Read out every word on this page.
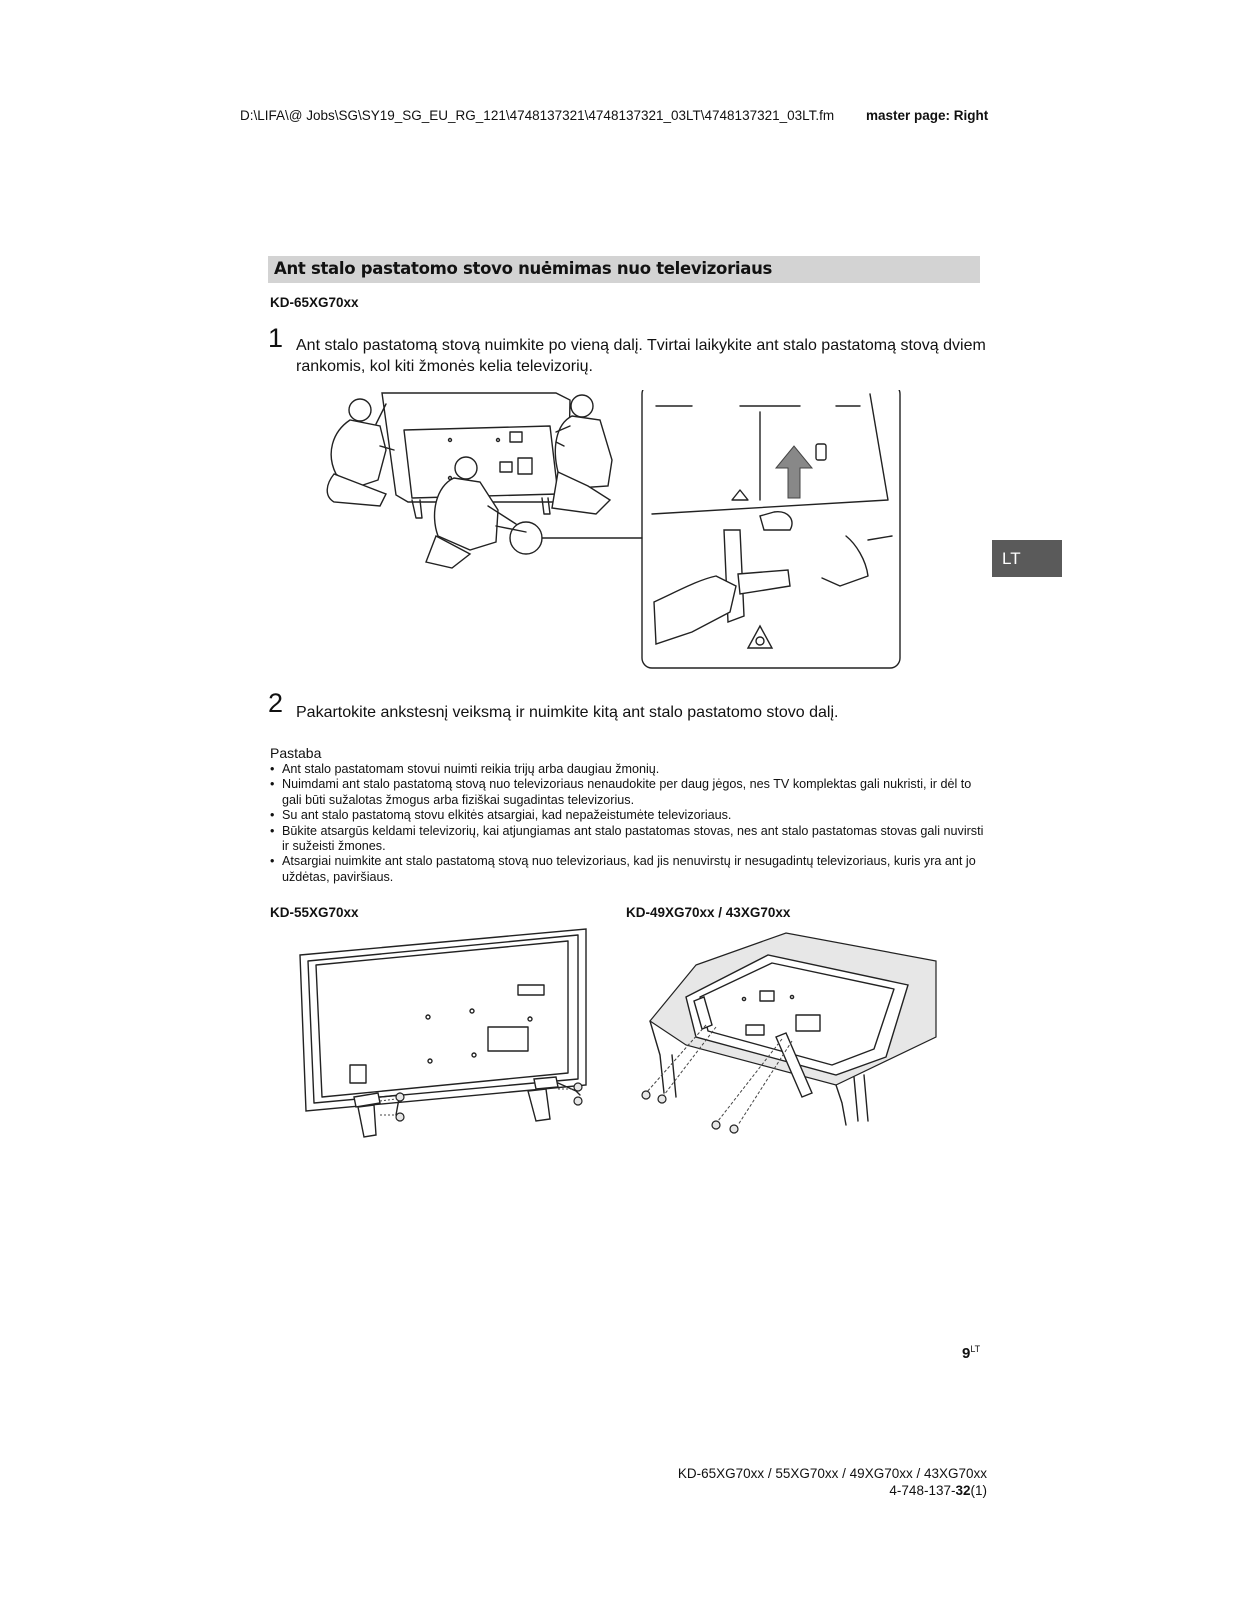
D:\LIFA\@ Jobs\SG\SY19_SG_EU_RG_121\4748137321\4748137321_03LT\4748137321_03LT.fm master page: Right
Ant stalo pastatomo stovo nuėmimas nuo televizoriaus
KD-65XG70xx
1 Ant stalo pastatomą stovą nuimkite po vieną dalį. Tvirtai laikykite ant stalo pastatomą stovą dviem rankomis, kol kiti žmonės kelia televizorių.
2 Pakartokite ankstesnį veiksmą ir nuimkite kitą ant stalo pastatomo stovo dalį.
Pastaba
• Ant stalo pastatomam stovui nuimti reikia trijų arba daugiau žmonių.
• Nuimdami ant stalo pastatomą stovą nuo televizoriaus nenaudokite per daug jėgos, nes TV komplektas gali nukristi, ir dėl to gali būti sužalotas žmogus arba fiziškai sugadintas televizorius.
• Su ant stalo pastatomą stovu elkitės atsargiai, kad nepažeistumėte televizoriaus.
• Būkite atsargūs keldami televizorių, kai atjungiamas ant stalo pastatomas stovas, nes ant stalo pastatomas stovas gali nuvirsti ir sužeisti žmones.
• Atsargiai nuimkite ant stalo pastatomą stovą nuo televizoriaus, kad jis nenuvirstų ir nesugadintų televizoriaus, kuris yra ant jo uždėtas, paviršiaus.
KD-55XG70xx	KD-49XG70xx / 43XG70xx
LT
$9^{LT}$
KD-65XG70xx / 55XG70xx / 49XG70xx / 43XG70xx
4-748-137-32(1)
